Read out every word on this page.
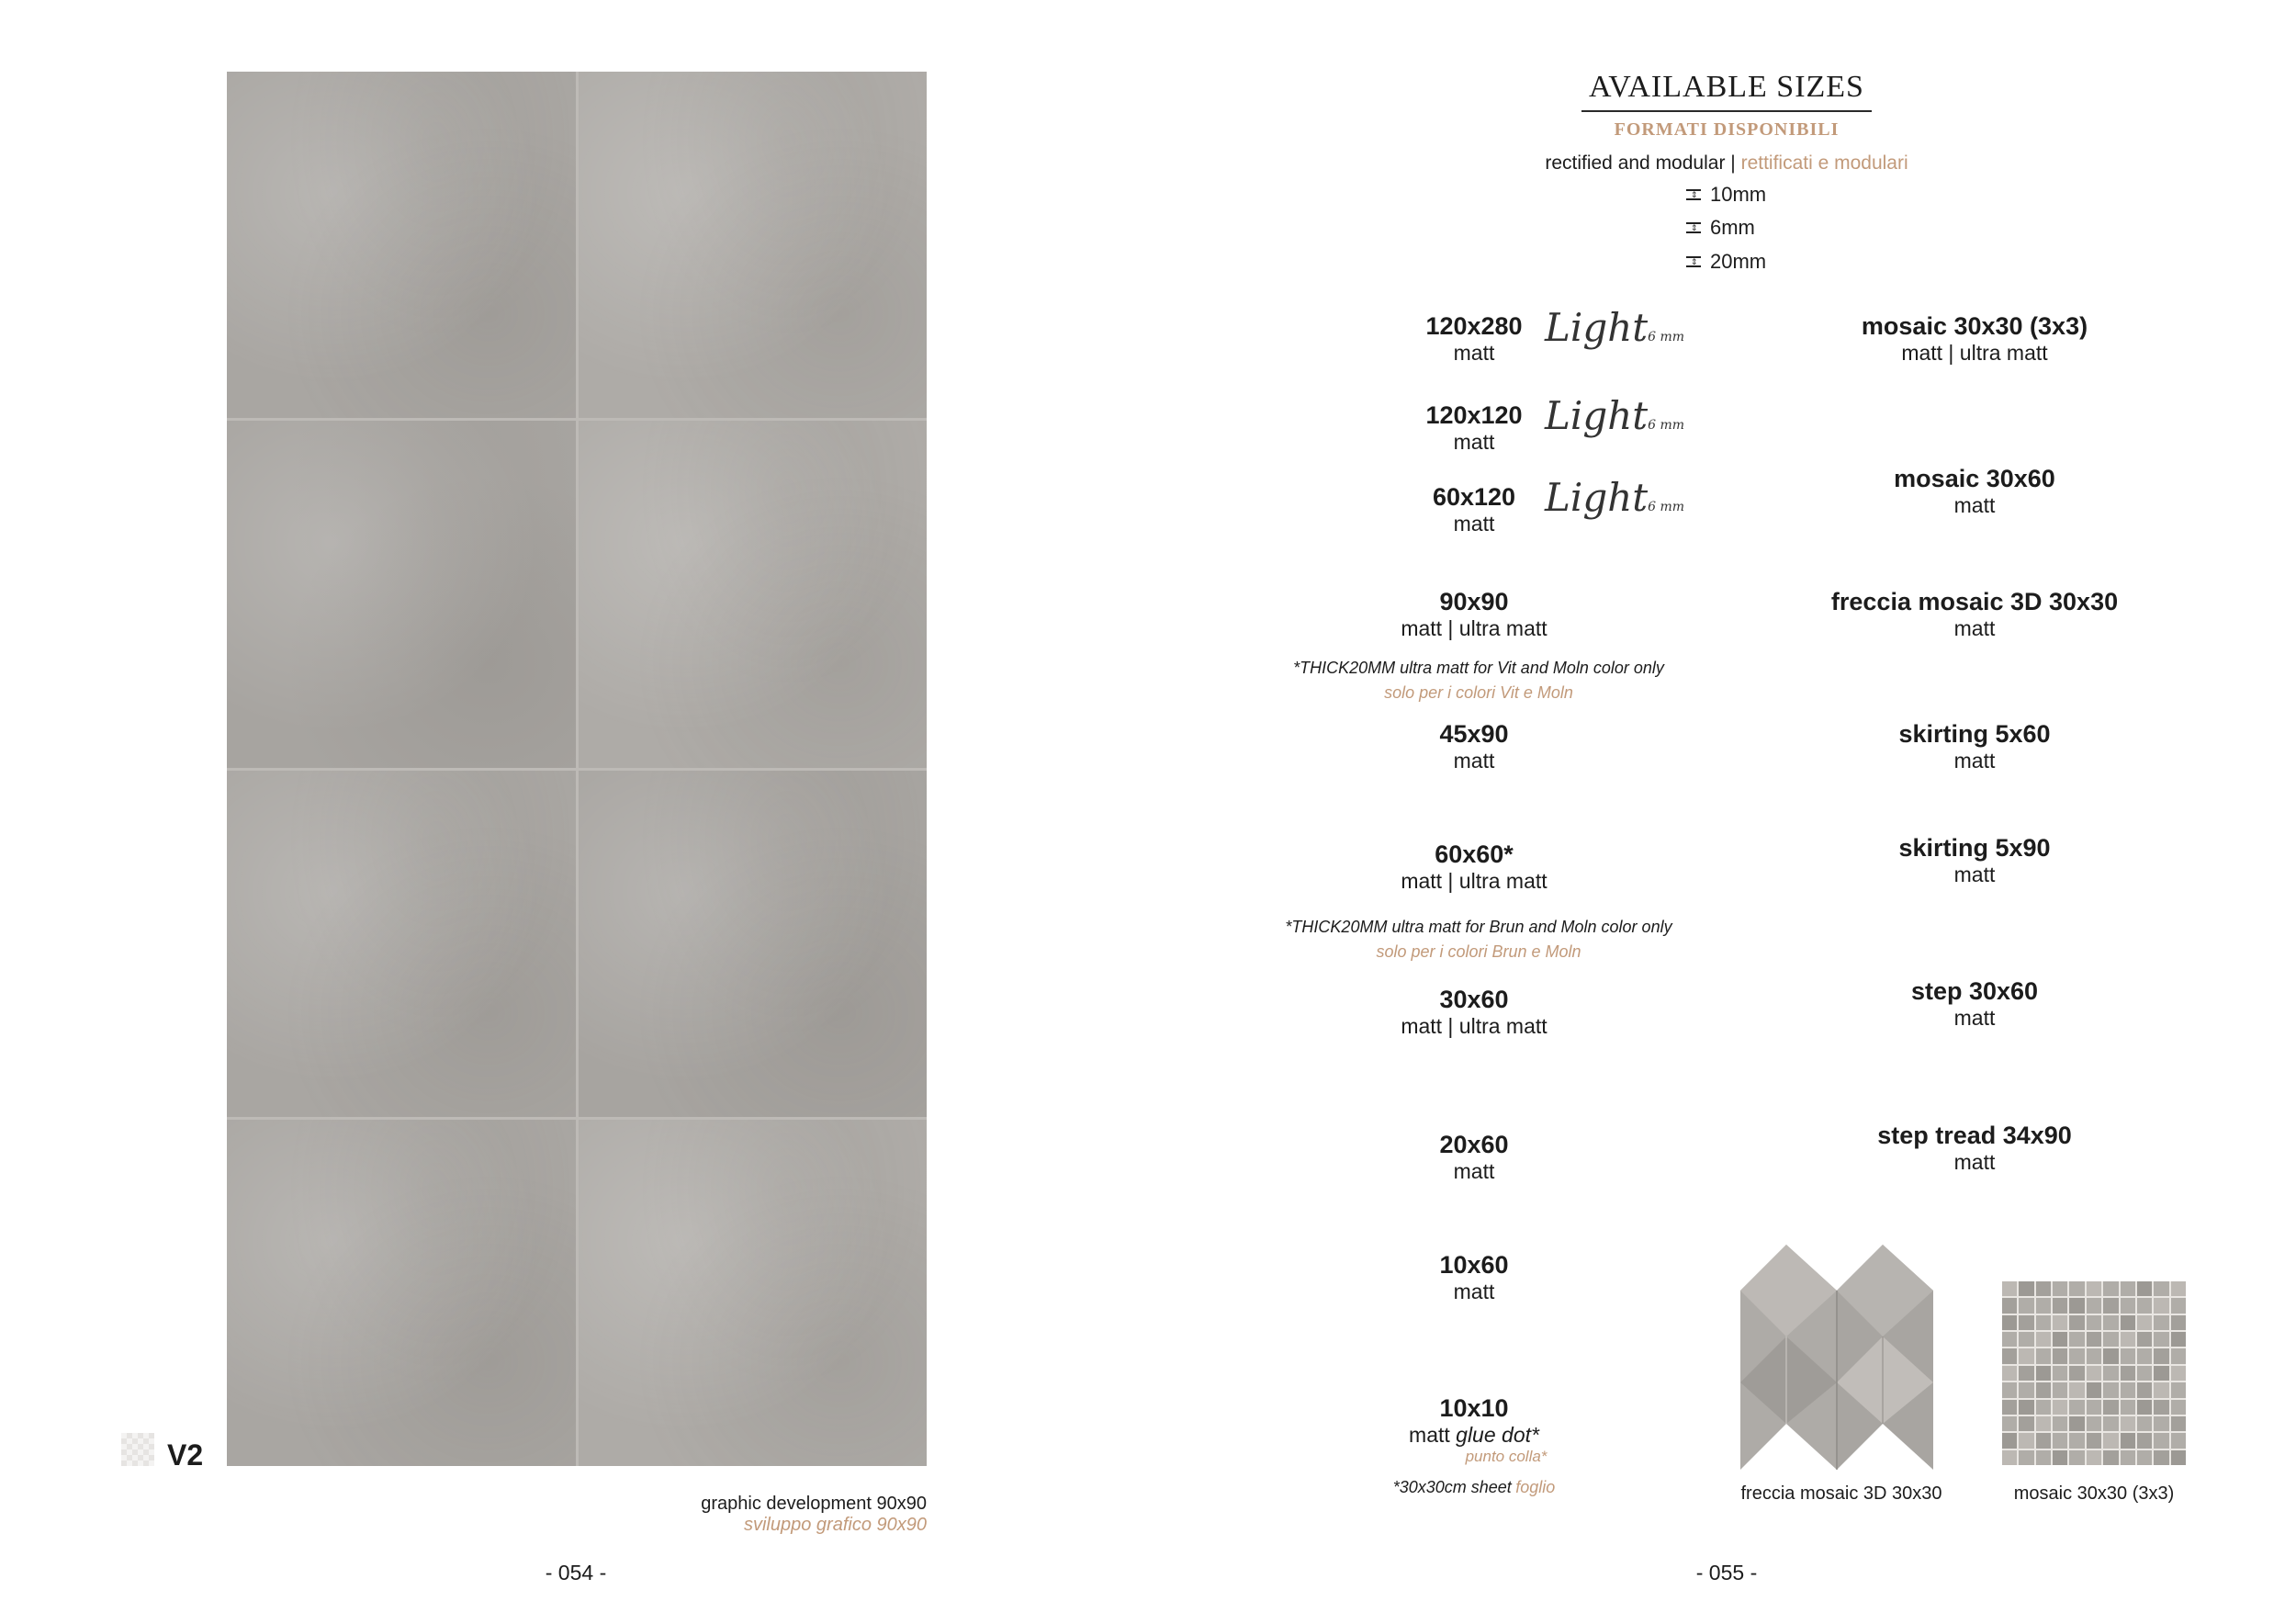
V2
graphic development 90x90
sviluppo grafico 90x90
- 054 -
AVAILABLE SIZES
FORMATI DISPONIBILI
rectified and modular | rettificati e modulari
⇕ 10mm
⇕ 6mm
⇕ 20mm
120x280
matt
Light6 mm
120x120
matt
Light6 mm
60x120
matt
Light6 mm
90x90
matt | ultra matt
*THICK20MM ultra matt for Vit and Moln color only
solo per i colori Vit e Moln
45x90
matt
60x60*
matt | ultra matt
*THICK20MM ultra matt for Brun and Moln color only
solo per i colori Brun e Moln
30x60
matt | ultra matt
20x60
matt
10x60
matt
10x10
matt glue dot*
punto colla*
*30x30cm sheet foglio
mosaic 30x30 (3x3)
matt | ultra matt
mosaic 30x60
matt
freccia mosaic 3D 30x30
matt
skirting 5x60
matt
skirting 5x90
matt
step 30x60
matt
step tread 34x90
matt
freccia mosaic 3D 30x30	mosaic 30x30 (3x3)
- 055 -
